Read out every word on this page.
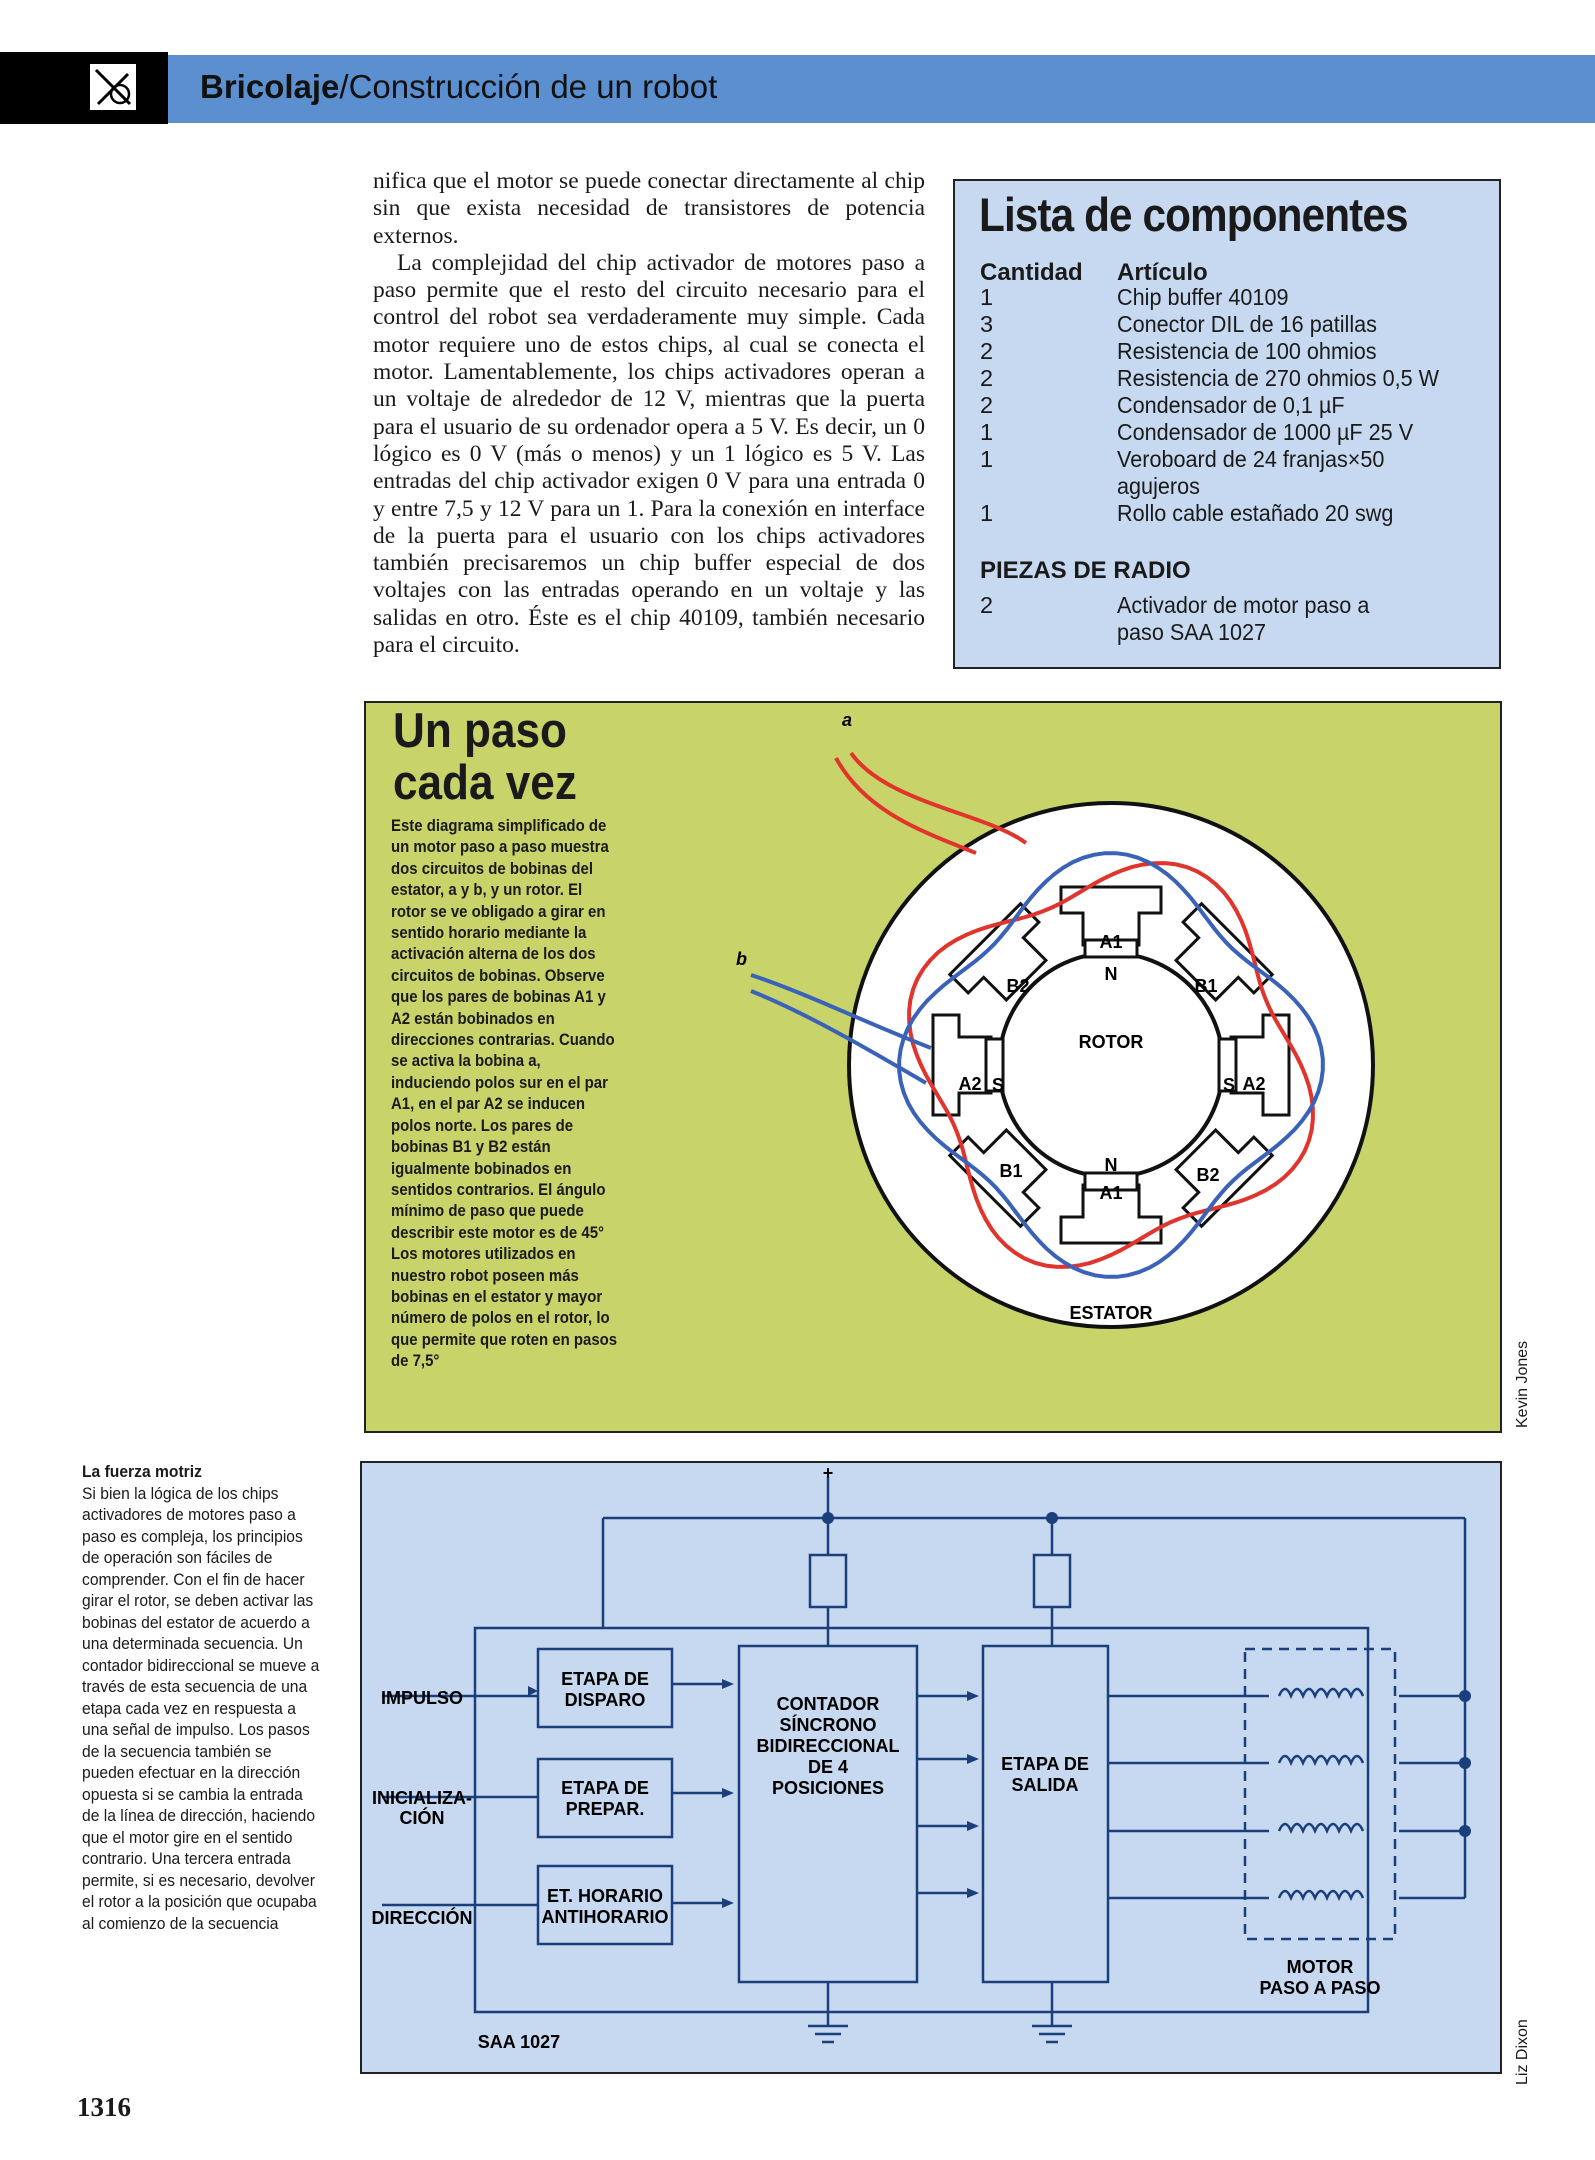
Bricolaje/Construcción de un robot

nifica que el motor se puede conectar directamente al chip sin que exista necesidad de transistores de potencia externos.

La complejidad del chip activador de motores paso a paso permite que el resto del circuito necesario para el control del robot sea verdaderamente muy simple. Cada motor requiere uno de estos chips, al cual se conecta el motor. Lamentablemente, los chips activadores operan a un voltaje de alrededor de 12 V, mientras que la puerta para el usuario de su ordenador opera a 5 V. Es decir, un 0 lógico es 0 V (más o menos) y un 1 lógico es 5 V. Las entradas del chip activador exigen 0 V para una entrada 0 y entre 7,5 y 12 V para un 1. Para la conexión en interface de la puerta para el usuario con los chips activadores también precisaremos un chip buffer especial de dos voltajes con las entradas operando en un voltaje y las salidas en otro. Éste es el chip 40109, también necesario para el circuito.

Lista de componentes
Cantidad Artículo
1	Chip buffer 40109
3	Conector DIL de 16 patillas
2	Resistencia de 100 ohmios
2	Resistencia de 270 ohmios 0,5 W
2	Condensador de 0,1 µF
1	Condensador de 1000 µF 25 V
1	Veroboard de 24 franjas×50 agujeros
1	Rollo cable estañado 20 swg
PIEZAS DE RADIO
2	Activador de motor paso a paso SAA 1027
Un paso
cada vez
Este diagrama simplificado de un motor paso a paso muestra dos circuitos de bobinas del estator, a y b, y un rotor. El rotor se ve obligado a girar en sentido horario mediante la activación alterna de los dos circuitos de bobinas. Observe que los pares de bobinas A1 y A2 están bobinados en direcciones contrarias. Cuando se activa la bobina a, induciendo polos sur en el par A1, en el par A2 se inducen polos norte. Los pares de bobinas B1 y B2 están igualmente bobinados en sentidos contrarios. El ángulo mínimo de paso que puede describir este motor es de 45° Los motores utilizados en nuestro robot poseen más bobinas en el estator y mayor número de polos en el rotor, lo que permite que roten en pasos de 7,5°
ROTOR
ESTATOR
a
b
A1
A1
A2	A2
B2	B1
B1	B2
N
N
S	S
Kevin Jones
La fuerza motriz
Si bien la lógica de los chips activadores de motores paso a paso es compleja, los principios de operación son fáciles de comprender. Con el fin de hacer girar el rotor, se deben activar las bobinas del estator de acuerdo a una determinada secuencia. Un contador bidireccional se mueve a través de esta secuencia de una etapa cada vez en respuesta a una señal de impulso. Los pasos de la secuencia también se pueden efectuar en la dirección opuesta si se cambia la entrada de la línea de dirección, haciendo que el motor gire en el sentido contrario. Una tercera entrada permite, si es necesario, devolver el rotor a la posición que ocupaba al comienzo de la secuencia
+
IMPULSO
INICIALIZA-
CIÓN
DIRECCIÓN
ETAPA DE
DISPARO
ETAPA DE
PREPAR.
ET. HORARIO
ANTIHORARIO
CONTADOR
SÍNCRONO
BIDIRECCIONAL
DE 4
POSICIONES
ETAPA DE
SALIDA
MOTOR
PASO A PASO
SAA 1027	Liz Dixon
1316
